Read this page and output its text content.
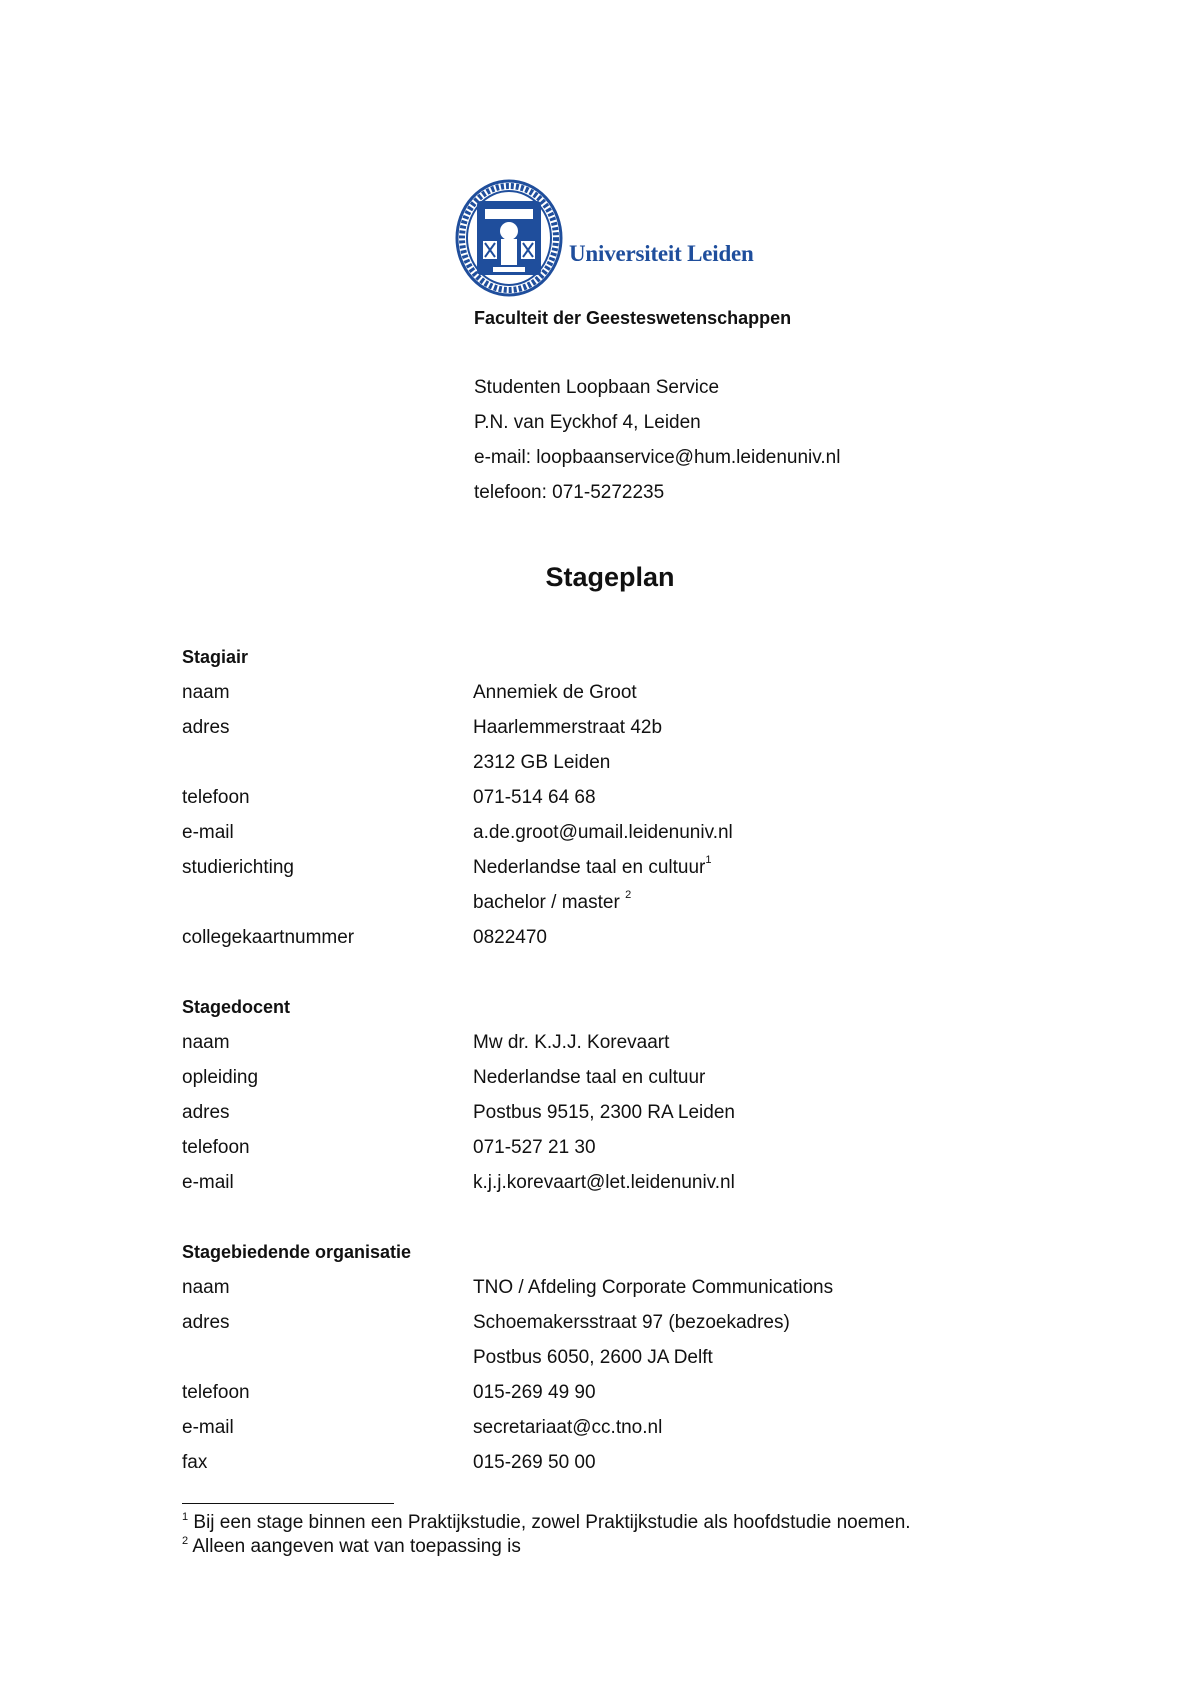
Universiteit Leiden
Faculteit der Geesteswetenschappen
Studenten Loopbaan Service
P.N. van Eyckhof 4, Leiden
e-mail: loopbaanservice@hum.leidenuniv.nl
telefoon: 071-5272235
Stageplan
Stagiair
naam	Annemiek de Groot
adres	Haarlemmerstraat 42b
2312 GB Leiden
telefoon	071-514 64 68
e-mail	a.de.groot@umail.leidenuniv.nl
studierichting	Nederlandse taal en cultuur$^1$
bachelor / master $^2$
collegekaartnummer	0822470
Stagedocent
naam	Mw dr. K.J.J. Korevaart
opleiding	Nederlandse taal en cultuur
adres	Postbus 9515, 2300 RA Leiden
telefoon	071-527 21 30
e-mail	k.j.j.korevaart@let.leidenuniv.nl
Stagebiedende organisatie
naam	TNO / Afdeling Corporate Communications
adres	Schoemakersstraat 97 (bezoekadres)
Postbus 6050, 2600 JA Delft
telefoon	015-269 49 90
e-mail	secretariaat@cc.tno.nl
fax	015-269 50 00
$^1$ Bij een stage binnen een Praktijkstudie, zowel Praktijkstudie als hoofdstudie noemen.
$^2$ Alleen aangeven wat van toepassing is
